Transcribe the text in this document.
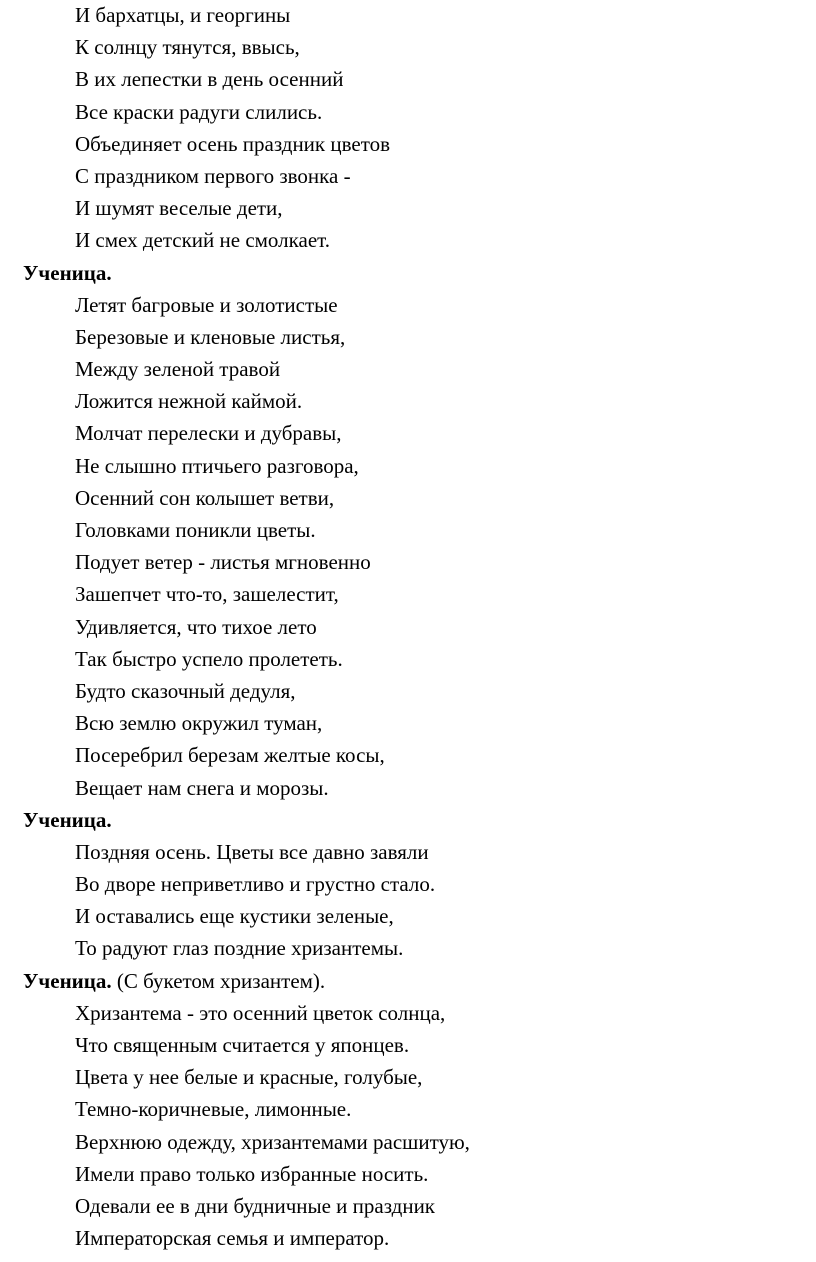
И бархатцы, и георгины
К солнцу тянутся, ввысь,
В их лепестки в день осенний
Все краски радуги слились.
Объединяет осень праздник цветов
С праздником первого звонка -
И шумят веселые дети,
И смех детский не смолкает.
Ученица.
Летят багровые и золотистые
Березовые и кленовые листья,
Между зеленой травой
Ложится нежной каймой.
Молчат перелески и дубравы,
Не слышно птичьего разговора,
Осенний сон колышет ветви,
Головками поникли цветы.
Подует ветер - листья мгновенно
Зашепчет что-то, зашелестит,
Удивляется, что тихое лето
Так быстро успело пролететь.
Будто сказочный дедуля,
Всю землю окружил туман,
Посеребрил березам желтые косы,
Вещает нам снега и морозы.
Ученица.
Поздняя осень. Цветы все давно завяли
Во дворе неприветливо и грустно стало.
И оставались еще кустики зеленые,
То радуют глаз поздние хризантемы.
Ученица. (С букетом хризантем).
Хризантема - это осенний цветок солнца,
Что священным считается у японцев.
Цвета у нее белые и красные, голубые,
Темно-коричневые, лимонные.
Верхнюю одежду, хризантемами расшитую,
Имели право только избранные носить.
Одевали ее в дни будничные и праздник
Императорская семья и император.
